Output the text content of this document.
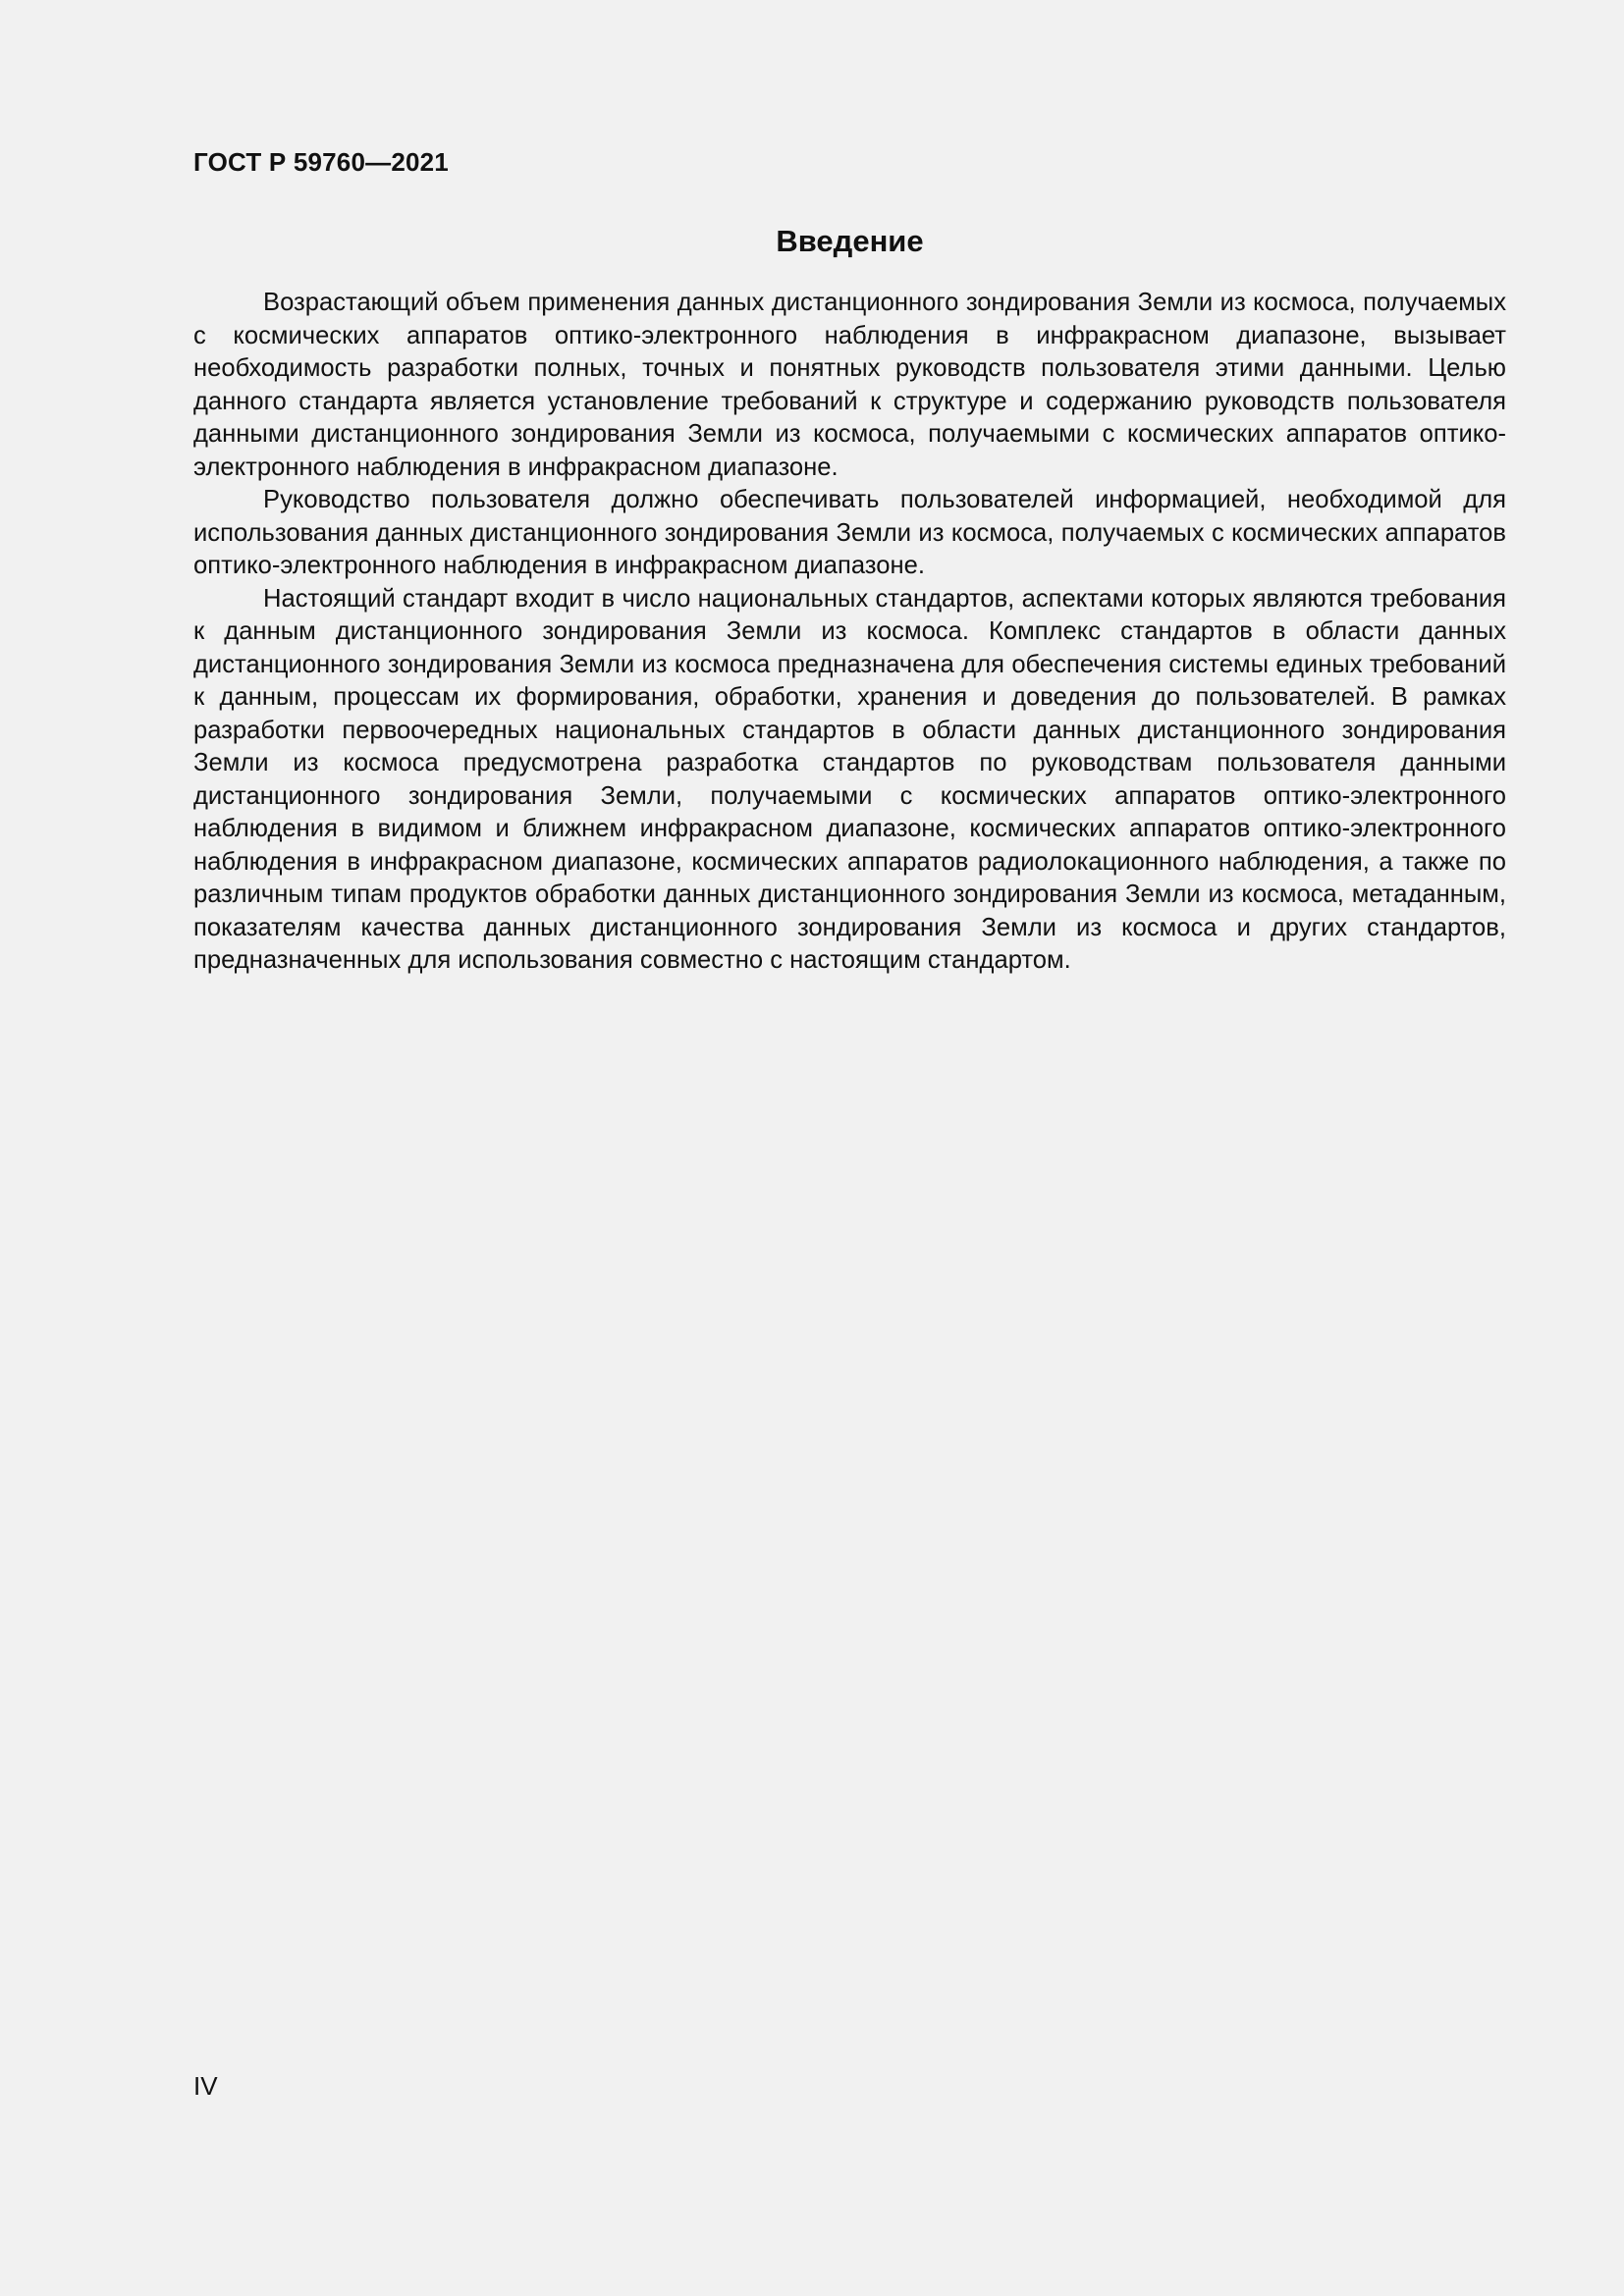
ГОСТ Р 59760—2021
Введение

Возрастающий объем применения данных дистанционного зондирования Земли из космоса, получаемых с космических аппаратов оптико-электронного наблюдения в инфракрасном диапазоне, вызывает необходимость разработки полных, точных и понятных руководств пользователя этими данными. Целью данного стандарта является установление требований к структуре и содержанию руководств пользователя данными дистанционного зондирования Земли из космоса, получаемыми с космических аппаратов оптико-электронного наблюдения в инфракрасном диапазоне.

Руководство пользователя должно обеспечивать пользователей информацией, необходимой для использования данных дистанционного зондирования Земли из космоса, получаемых с космических аппаратов оптико-электронного наблюдения в инфракрасном диапазоне.

Настоящий стандарт входит в число национальных стандартов, аспектами которых являются требования к данным дистанционного зондирования Земли из космоса. Комплекс стандартов в области данных дистанционного зондирования Земли из космоса предназначена для обеспечения системы единых требований к данным, процессам их формирования, обработки, хранения и доведения до пользователей. В рамках разработки первоочередных национальных стандартов в области данных дистанционного зондирования Земли из космоса предусмотрена разработка стандартов по руководствам пользователя данными дистанционного зондирования Земли, получаемыми с космических аппаратов оптико-электронного наблюдения в видимом и ближнем инфракрасном диапазоне, космических аппаратов оптико-электронного наблюдения в инфракрасном диапазоне, космических аппаратов радиолокационного наблюдения, а также по различным типам продуктов обработки данных дистанционного зондирования Земли из космоса, метаданным, показателям качества данных дистанционного зондирования Земли из космоса и других стандартов, предназначенных для использования совместно с настоящим стандартом.

IV
